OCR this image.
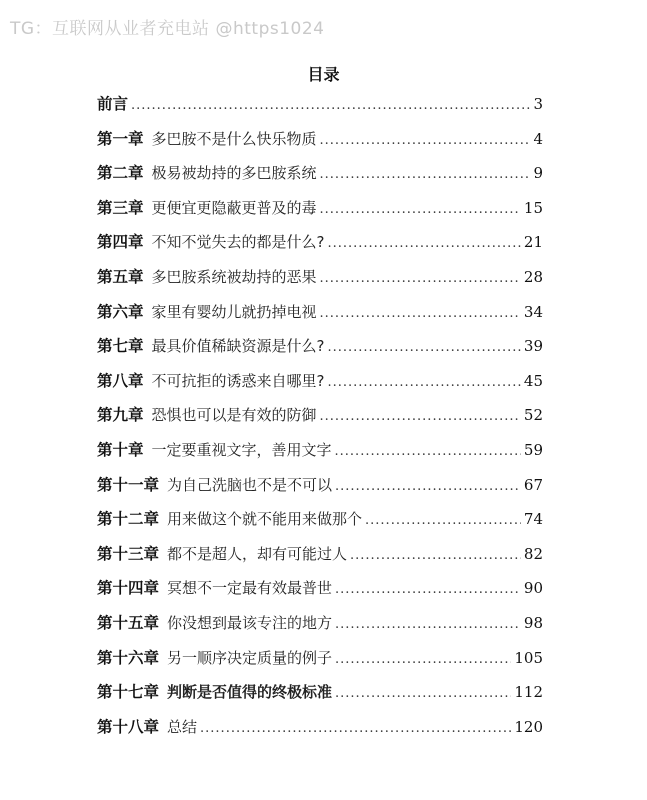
TG：互联网从业者充电站 @https1024
目录
前言 .....	3
第一章 多巴胺不是什么快乐物质 .....	4
第二章 极易被劫持的多巴胺系统 .....	9
第三章 更便宜更隐蔽更普及的毒 .....	15
第四章 不知不觉失去的都是什么? .....	21
第五章 多巴胺系统被劫持的恶果 .....	28
第六章 家里有婴幼儿就扔掉电视 .....	34
第七章 最具价值稀缺资源是什么? .....	39
第八章 不可抗拒的诱惑来自哪里? .....	45
第九章 恐惧也可以是有效的防御 .....	52
第十章 一定要重视文字，善用文字 .....	59
第十一章 为自己洗脑也不是不可以 .....	67
第十二章 用来做这个就不能用来做那个 .....	74
第十三章 都不是超人，却有可能过人 .....	82
第十四章 冥想不一定最有效最普世 .....	90
第十五章 你没想到最该专注的地方 .....	98
第十六章 另一顺序决定质量的例子 .....	105
第十七章 判断是否值得的终极标准 .....	112
第十八章 总结 .....	120
